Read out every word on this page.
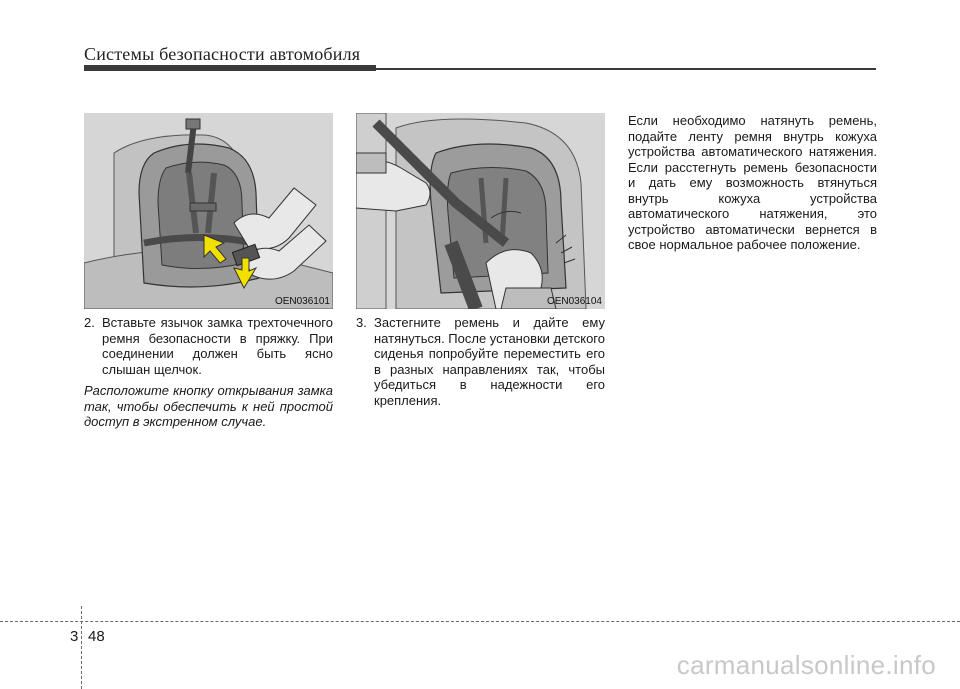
Системы безопасности автомобиля
OEN036101	OEN036104
2. Вставьте язычок замка трехточечного ремня безопасности в пряжку. При соединении должен быть ясно слышан щелчок.

Расположите кнопку открывания замка так, чтобы обеспечить к ней простой доступ в экстренном случае.

3. Застегните ремень и дайте ему натянуться. После установки детского сиденья попробуйте переместить его в разных направлениях так, чтобы убедиться в надежности его крепления.

Если необходимо натянуть ремень, подайте ленту ремня внутрь кожуха устройства автоматического натяжения. Если расстегнуть ремень безопасности и дать ему возможность втянуться внутрь кожуха устройства автоматического натяжения, это устройство автоматически вернется в свое нормальное рабочее положение.

3 48
carmanualsonline.info
